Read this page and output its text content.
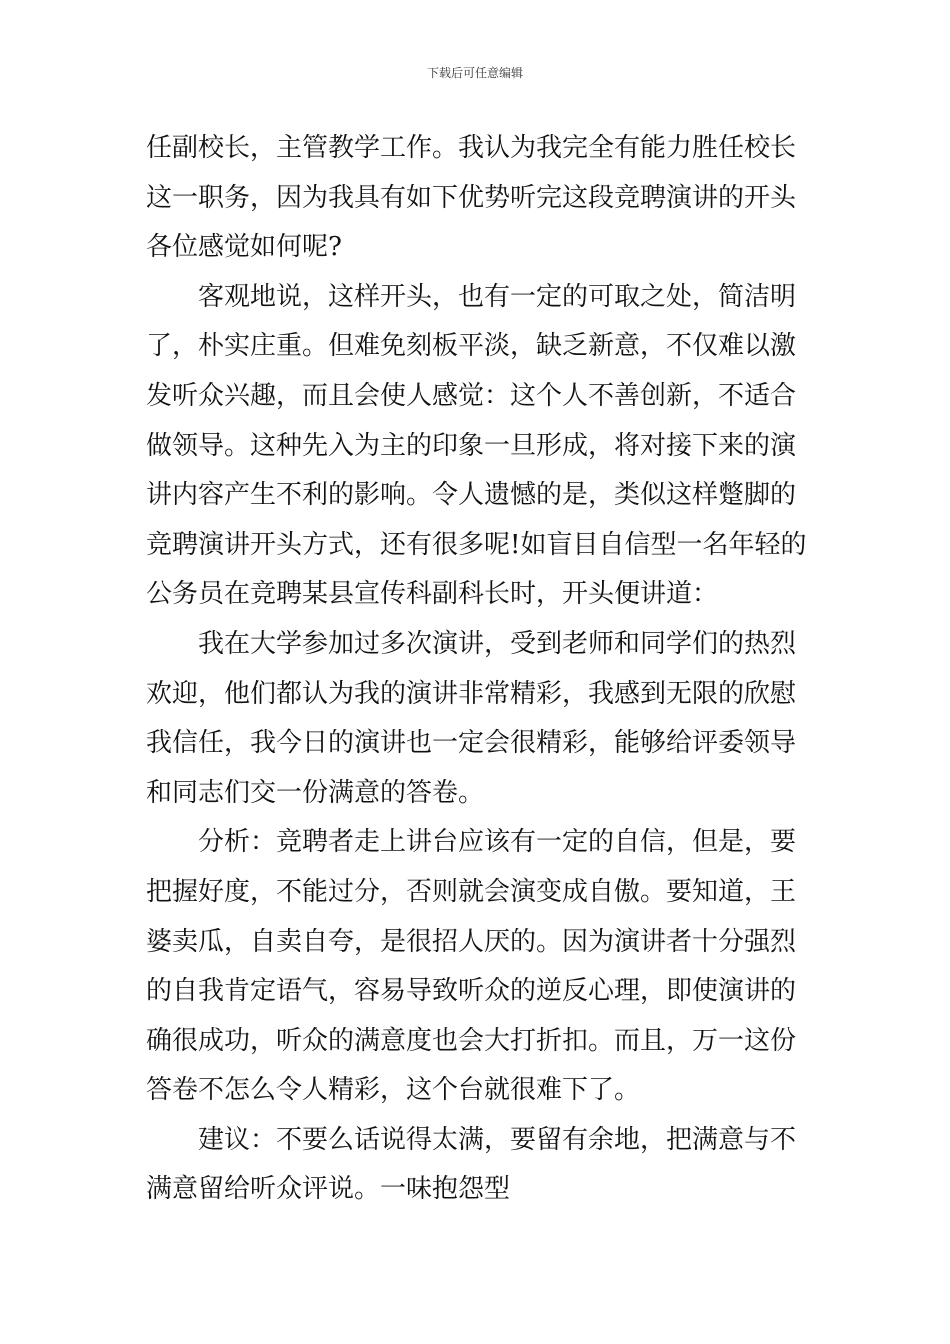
下载后可任意编辑
任副校长，主管教学工作。我认为我完全有能力胜任校长
这一职务，因为我具有如下优势听完这段竞聘演讲的开头
各位感觉如何呢?
客观地说，这样开头，也有一定的可取之处，简洁明
了，朴实庄重。但难免刻板平淡，缺乏新意，不仅难以激
发听众兴趣，而且会使人感觉：这个人不善创新，不适合
做领导。这种先入为主的印象一旦形成，将对接下来的演
讲内容产生不利的影响。令人遗憾的是，类似这样蹩脚的
竞聘演讲开头方式，还有很多呢!如盲目自信型一名年轻的
公务员在竞聘某县宣传科副科长时，开头便讲道：
我在大学参加过多次演讲，受到老师和同学们的热烈
欢迎，他们都认为我的演讲非常精彩，我感到无限的欣慰
我信任，我今日的演讲也一定会很精彩，能够给评委领导
和同志们交一份满意的答卷。
分析：竞聘者走上讲台应该有一定的自信，但是，要
把握好度，不能过分，否则就会演变成自傲。要知道，王
婆卖瓜，自卖自夸，是很招人厌的。因为演讲者十分强烈
的自我肯定语气，容易导致听众的逆反心理，即使演讲的
确很成功，听众的满意度也会大打折扣。而且，万一这份
答卷不怎么令人精彩，这个台就很难下了。
建议：不要么话说得太满，要留有余地，把满意与不
满意留给听众评说。一味抱怨型
